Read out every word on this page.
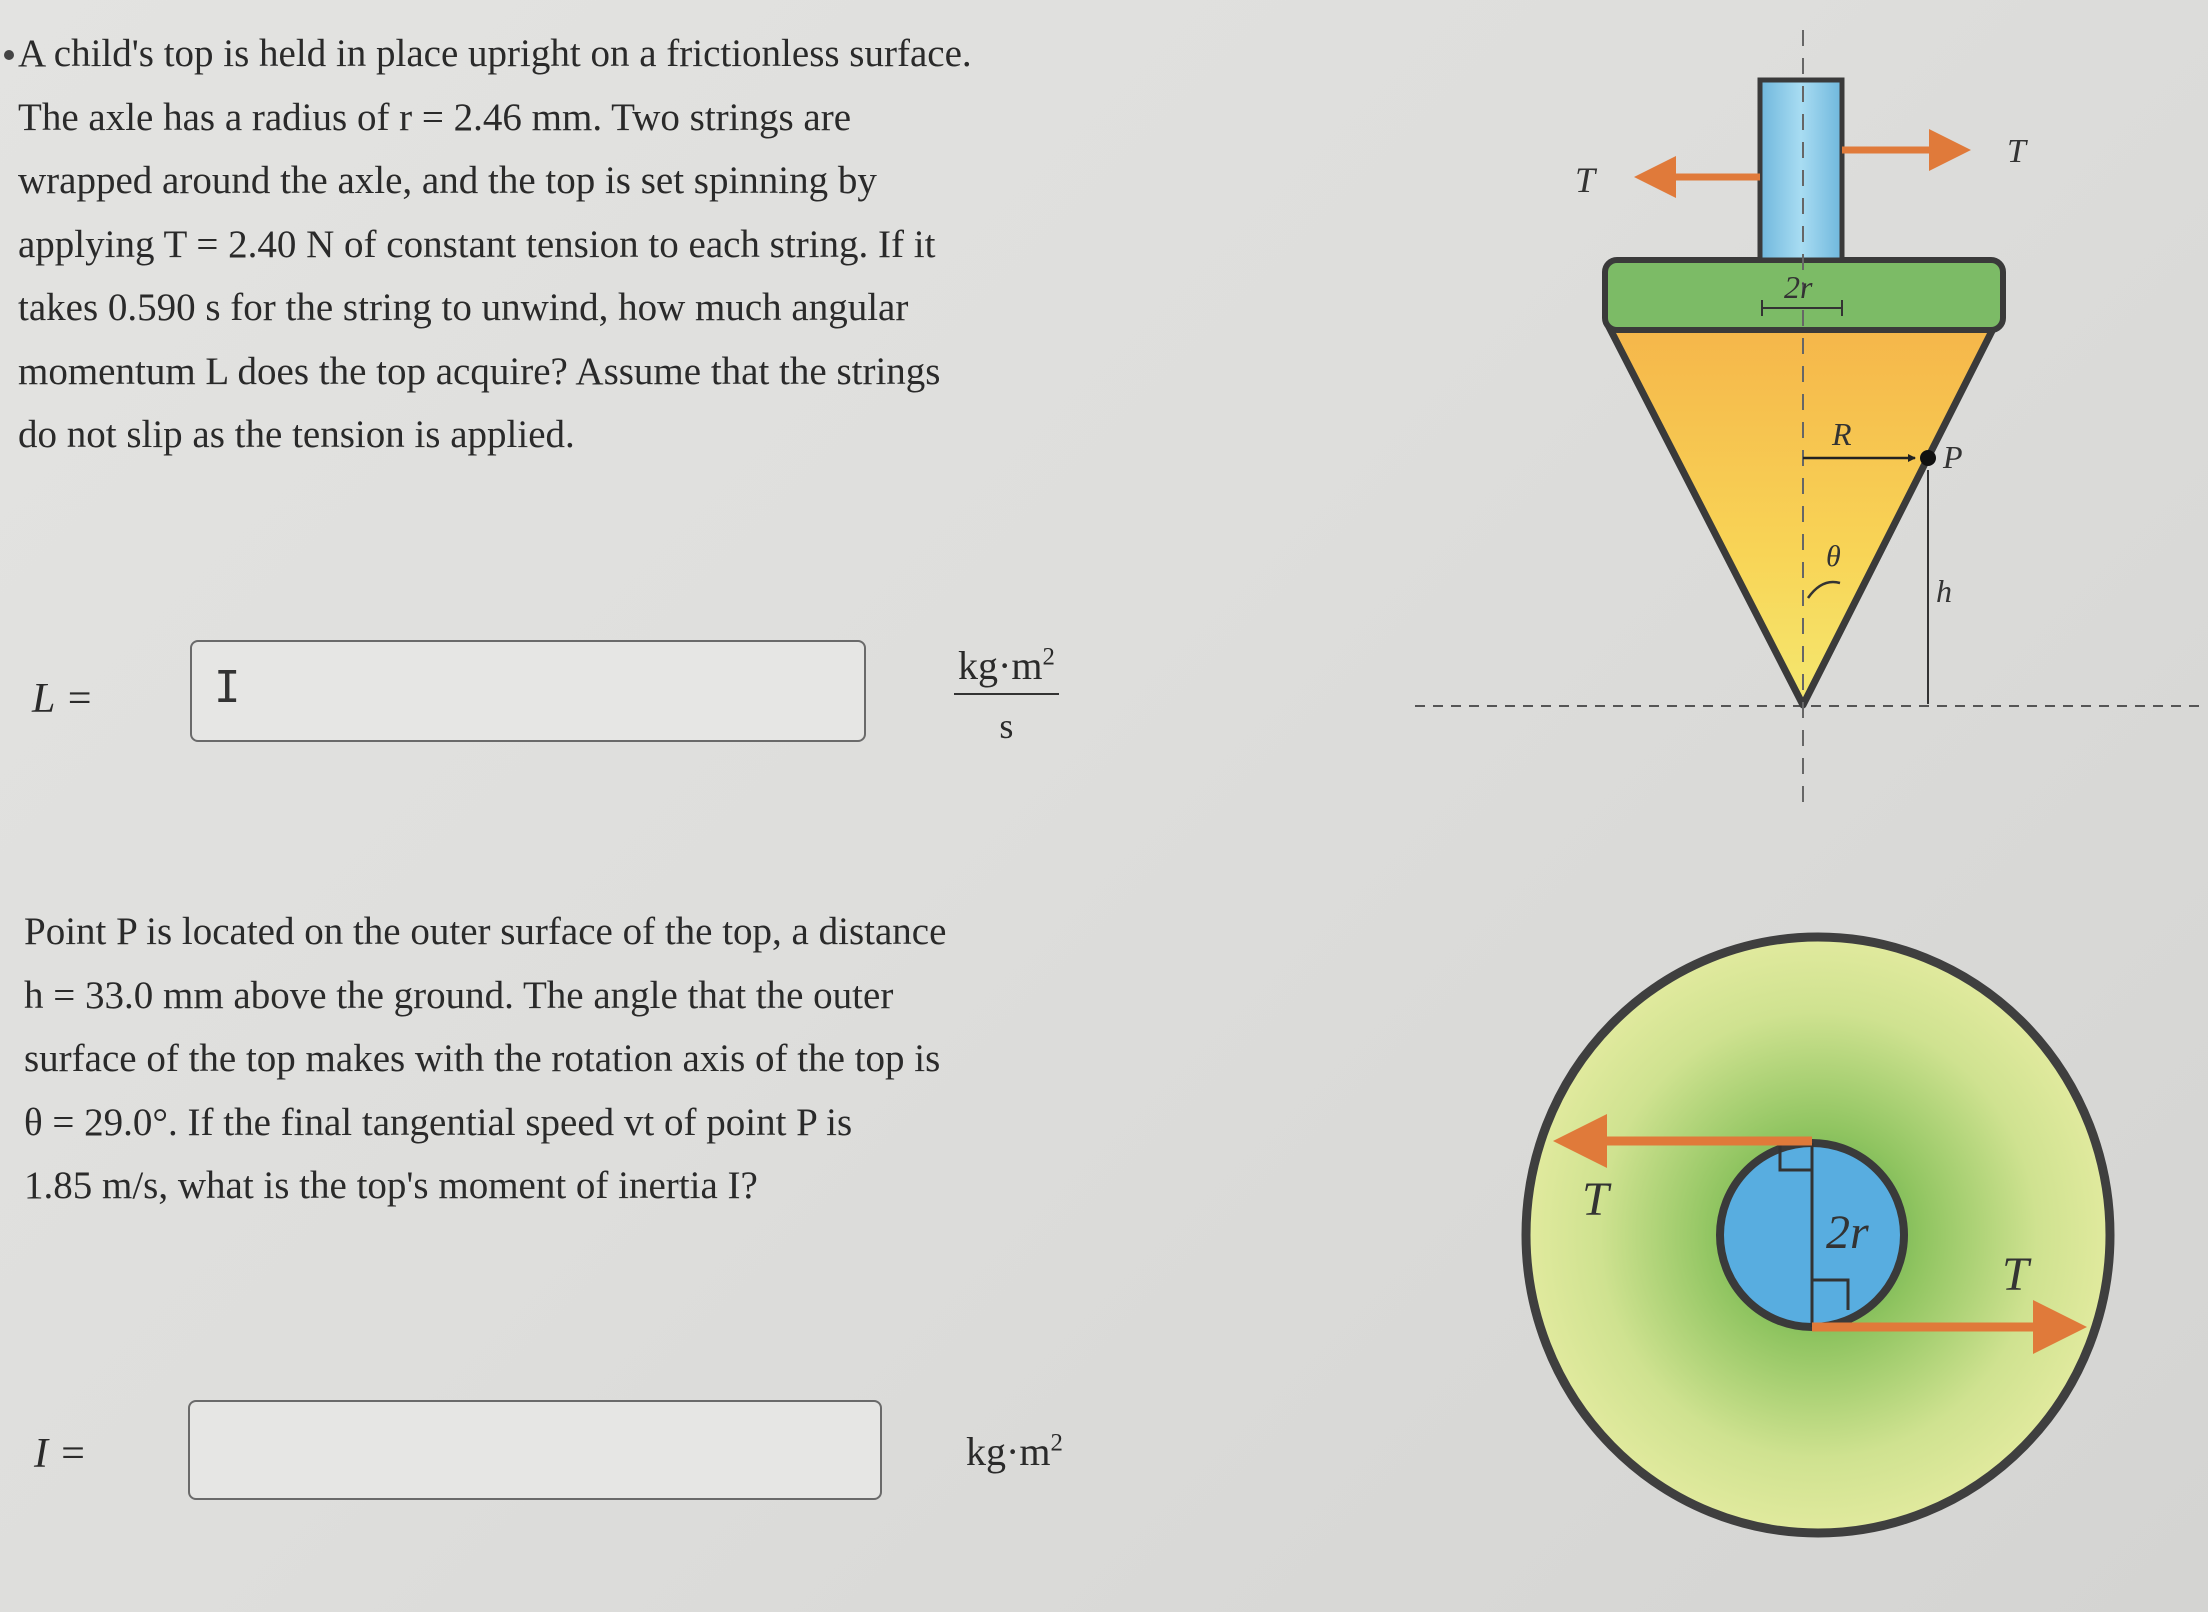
A child's top is held in place upright on a frictionless surface.

The axle has a radius of r = 2.46 mm. Two strings are

wrapped around the axle, and the top is set spinning by

applying T = 2.40 N of constant tension to each string. If it

takes 0.590 s for the string to unwind, how much angular

momentum L does the top acquire? Assume that the strings

do not slip as the tension is applied.

L =	I	$\frac{kg\cdot m^2}{s}$

Point P is located on the outer surface of the top, a distance

h = 33.0 mm above the ground. The angle that the outer

surface of the top makes with the rotation axis of the top is

θ = 29.0°. If the final tangential speed vt of point P is

1.85 m/s, what is the top's moment of inertia I?

I =	$kg\cdot m^2$
T
T
2r
R
P
θ
h
T
T
2r
